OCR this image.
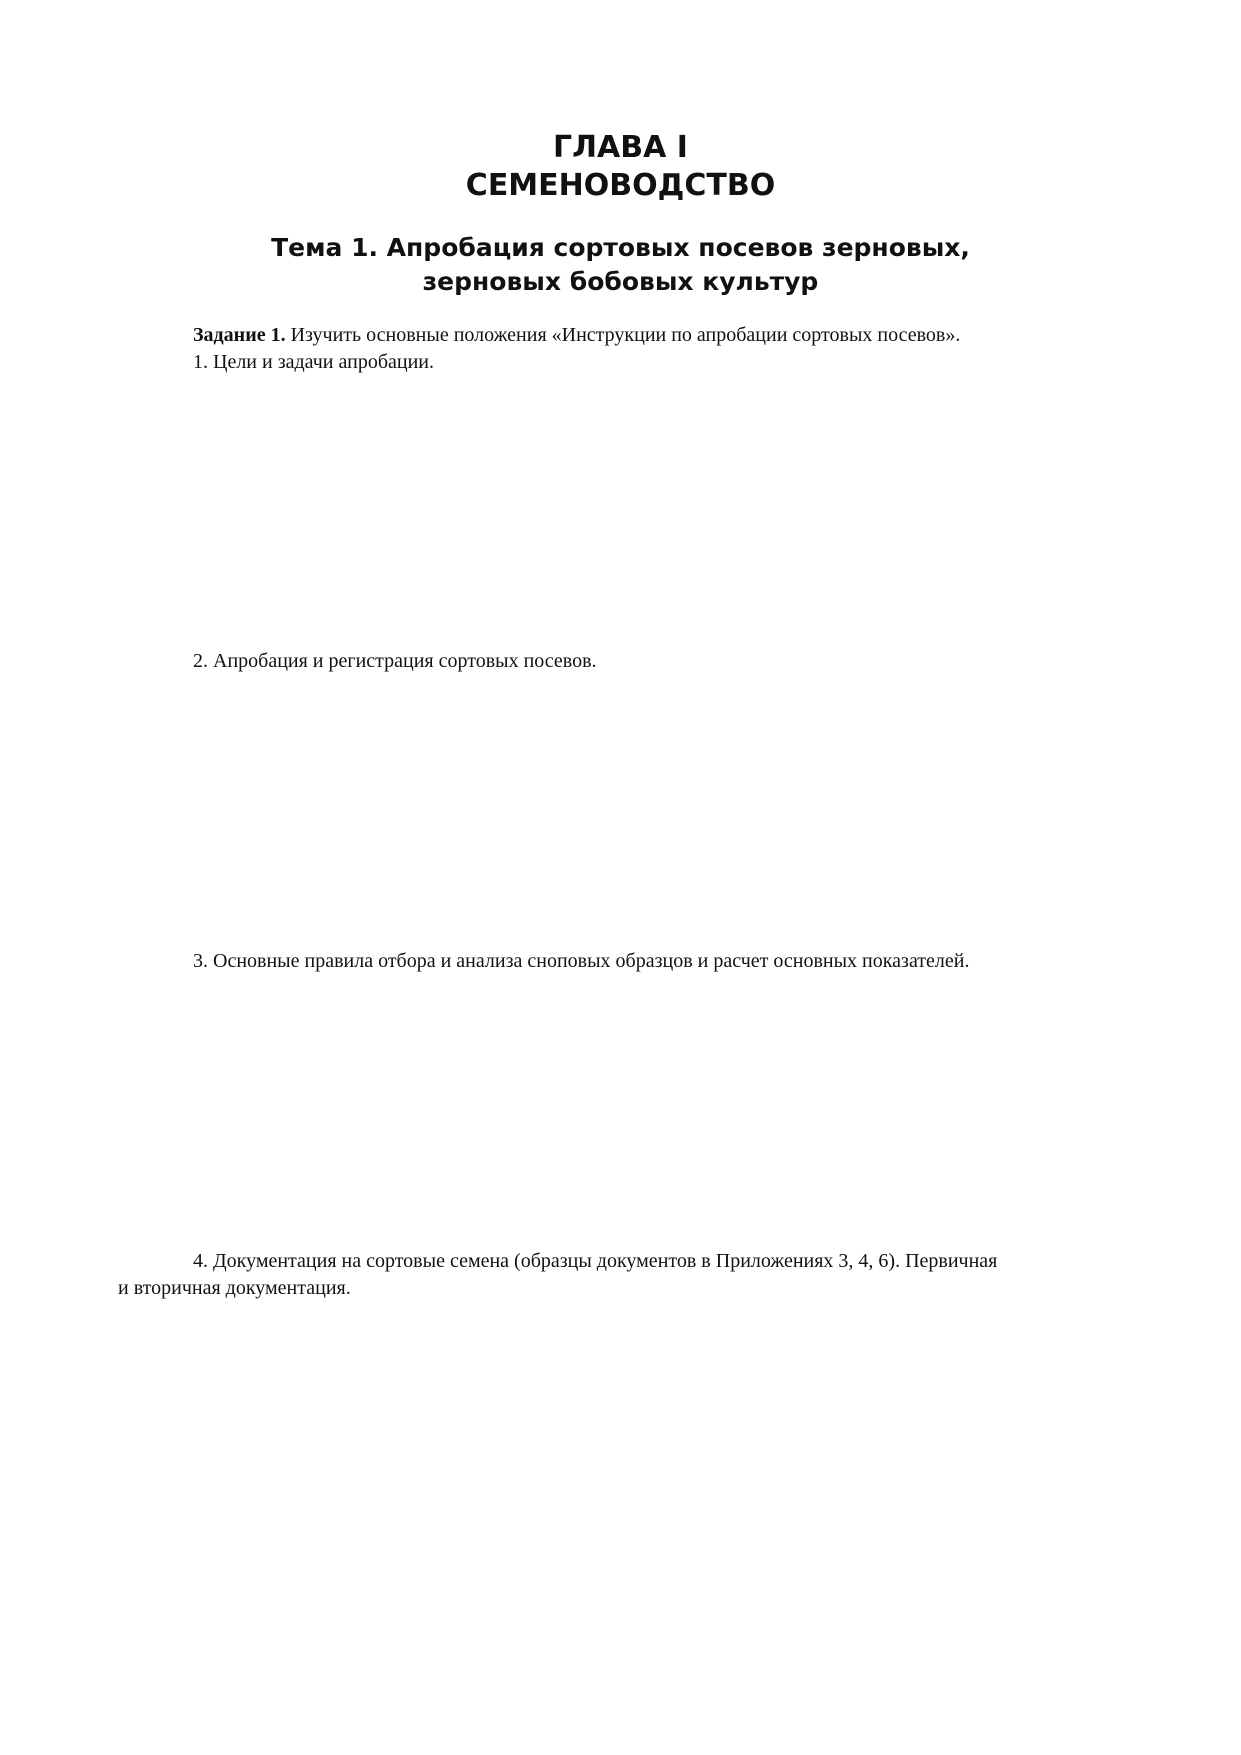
ГЛАВА I
СЕМЕНОВОДСТВО
Тема 1. Апробация сортовых посевов зерновых,
зерновых бобовых культур

Задание 1. Изучить основные положения «Инструкции по апробации сортовых посевов».

1. Цели и задачи апробации.

2. Апробация и регистрация сортовых посевов.

3. Основные правила отбора и анализа сноповых образцов и расчет основных показателей.

4. Документация на сортовые семена (образцы документов в Приложениях 3, 4, 6). Первичная

и вторичная документация.
